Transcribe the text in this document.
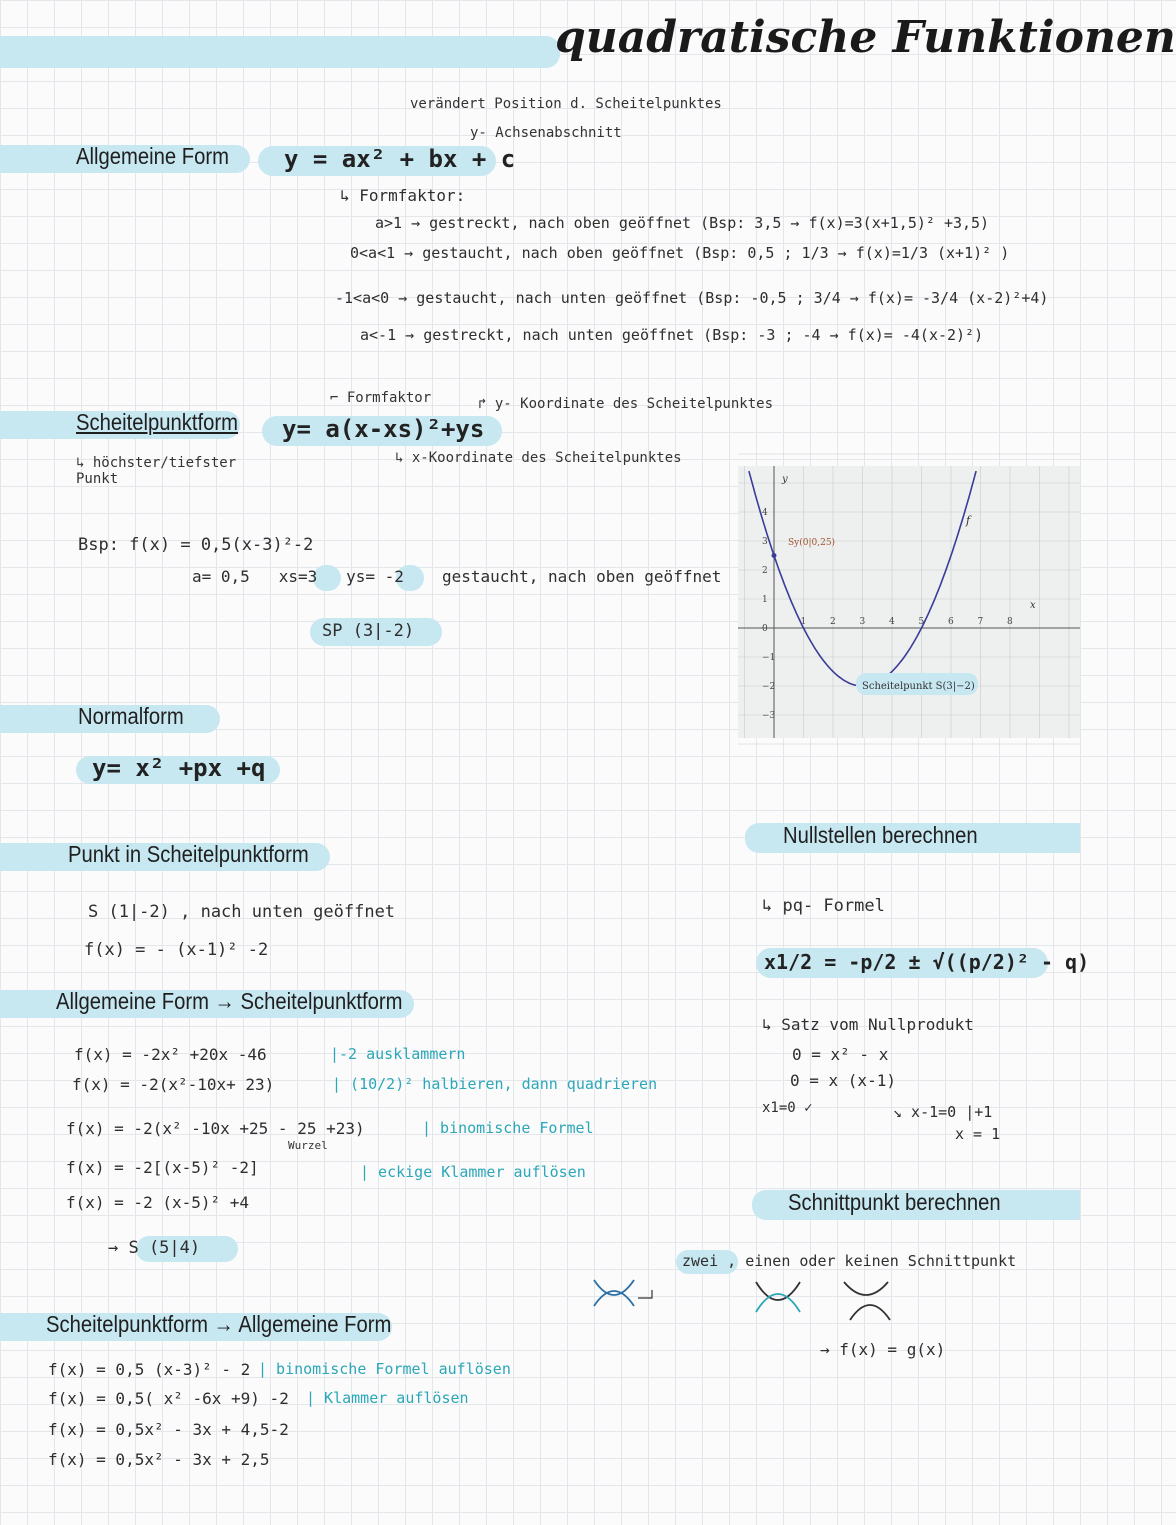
quadratische Funktionen
Allgemeine Form y = ax² + bx + c
verändert Position d. Scheitelpunktes
y- Achsenabschnitt
↳ Formfaktor:
a>1 → gestreckt, nach oben geöffnet (Bsp: 3,5 → f(x)=3(x+1,5)² +3,5)
0<a<1 → gestaucht, nach oben geöffnet (Bsp: 0,5 ; 1/3 → f(x)=1/3 (x+1)² )
-1<a<0 → gestaucht, nach unten geöffnet (Bsp: -0,5 ; 3/4 → f(x)= -3/4 (x-2)²+4)
a<-1 → gestreckt, nach unten geöffnet (Bsp: -3 ; -4 → f(x)= -4(x-2)²)
Scheitelpunktform
↳ höchster/tiefster Punkt
y= a(x-xs)²+ys
⌐ Formfaktor	↱ y- Koordinate des Scheitelpunktes
↳ x-Koordinate des Scheitelpunktes
Bsp: f(x) = 0,5(x-3)²-2
a= 0,5   xs=3   ys= -2 gestaucht, nach oben geöffnet
SP (3|-2)	1	2	3	4	5	6	7	8
4
3
2
1
0
−1
−2
−3
Scheitelpunkt S(3|−2)
Sy(0|0,25)
f
x
y
Normalform
y= x² +px +q
Punkt in Scheitelpunktform
S (1|-2) , nach unten geöffnet
f(x) = - (x-1)² -2
Allgemeine Form → Scheitelpunktform
f(x) = -2x² +20x -46	|-2 ausklammern
f(x) = -2(x²-10x+ 23)	| (10/2)² halbieren, dann quadrieren
f(x) = -2(x² -10x +25 - 25 +23)	| binomische Formel
Wurzel
f(x) = -2[(x-5)² -2]	| eckige Klammer auflösen
f(x) = -2 (x-5)² +4
→ S (5|4)
Scheitelpunktform → Allgemeine Form
f(x) = 0,5 (x-3)² - 2 | binomische Formel auflösen
f(x) = 0,5( x² -6x +9) -2 | Klammer auflösen
f(x) = 0,5x² - 3x + 4,5-2
f(x) = 0,5x² - 3x + 2,5
Nullstellen berechnen
↳ pq- Formel
x1/2 = -p/2 ± √((p/2)² - q)
↳ Satz vom Nullprodukt
0 = x² - x
0 = x (x-1)
x1=0 ✓	↘ x-1=0 |+1
x = 1
Schnittpunkt berechnen
zwei , einen oder keinen Schnittpunkt
→ f(x) = g(x)
